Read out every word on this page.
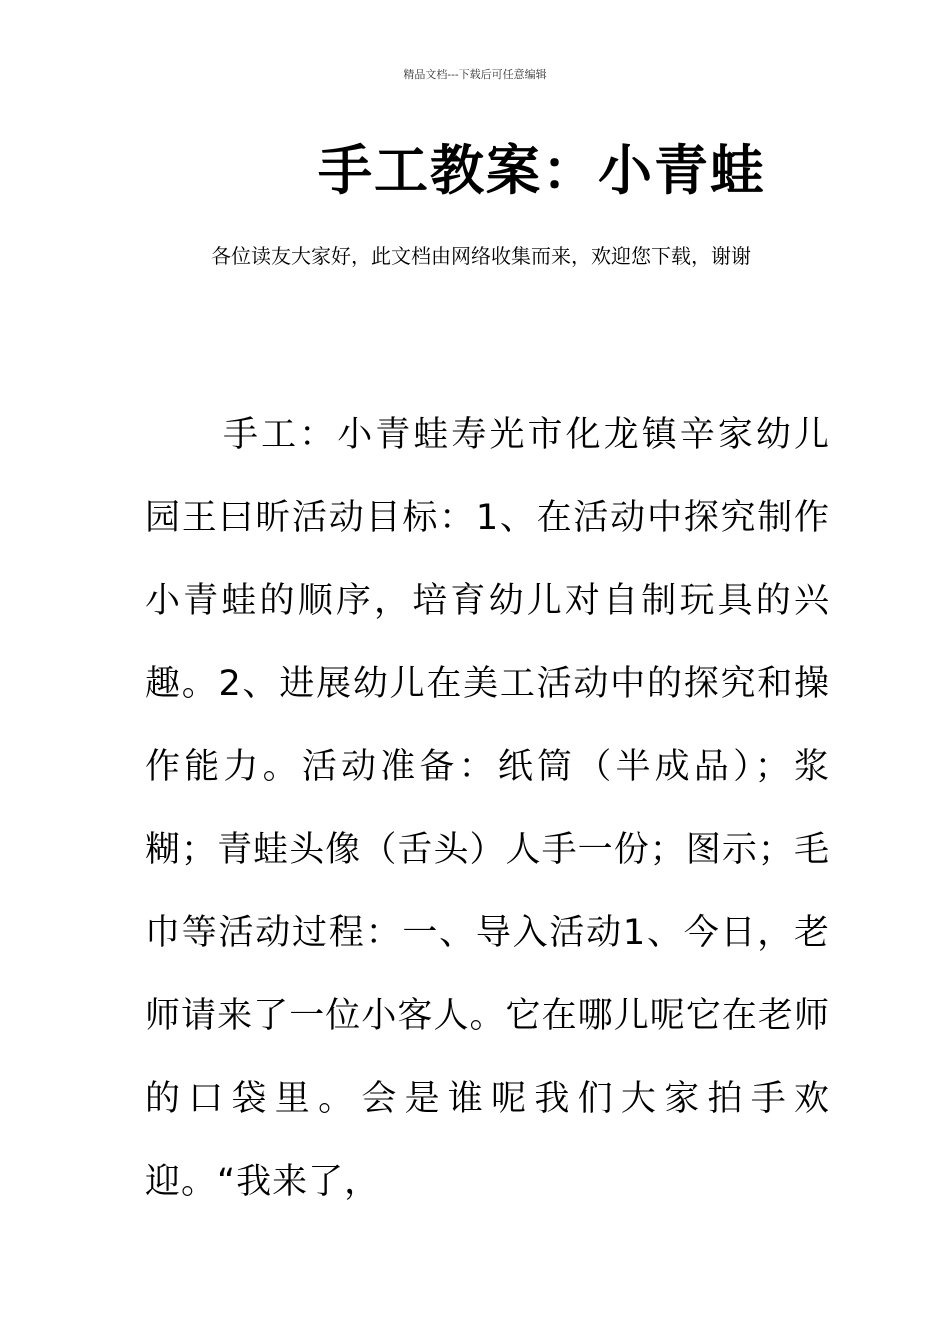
精品文档---下载后可任意编辑
手工教案：小青蛙

各位读友大家好，此文档由网络收集而来，欢迎您下载，谢谢

手工：小青蛙寿光市化龙镇辛家幼儿园王曰昕活动目标：1、在活动中探究制作小青蛙的顺序，培育幼儿对自制玩具的兴趣。2、进展幼儿在美工活动中的探究和操作能力。活动准备：纸筒（半成品）；浆糊；青蛙头像（舌头）人手一份；图示；毛巾等活动过程：一、导入活动1、今日，老师请来了一位小客人。它在哪儿呢它在老师的口袋里。会是谁呢我们大家拍手欢迎。“我来了，
